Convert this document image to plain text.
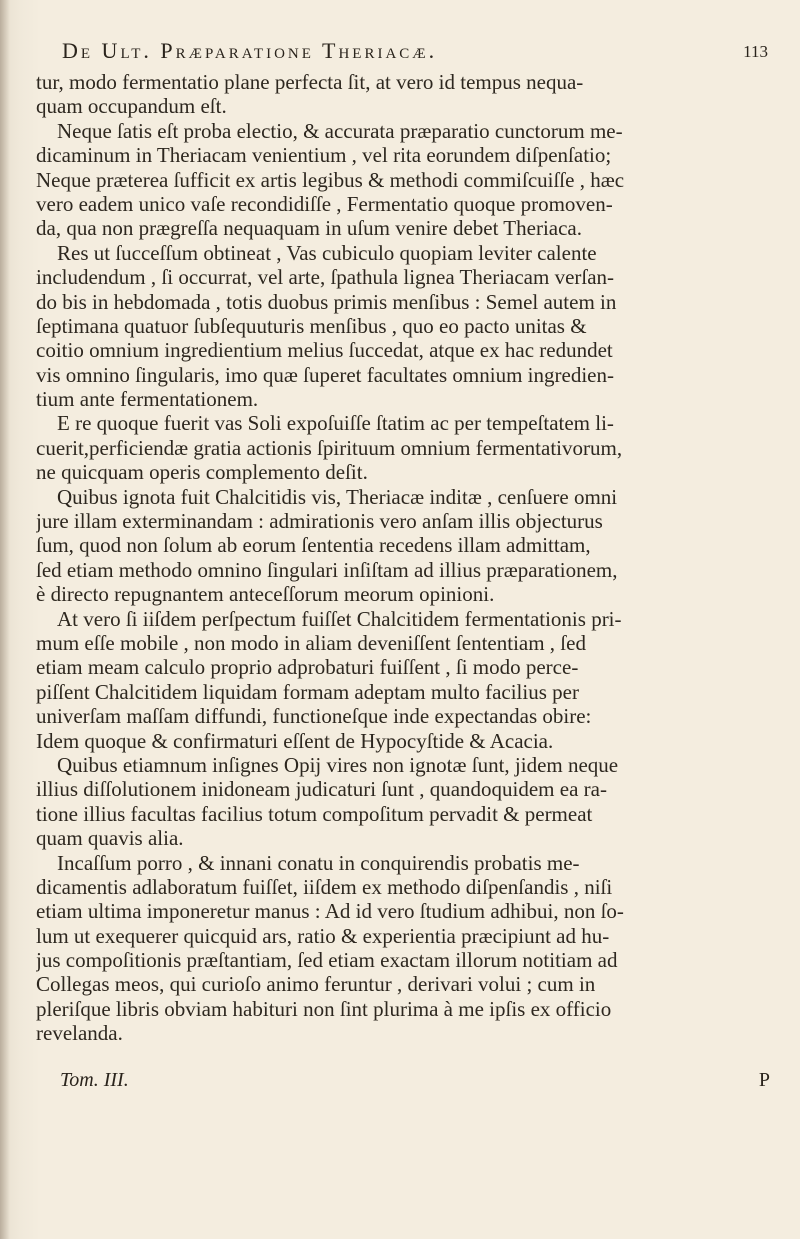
De Ult. Præparatione Theriacæ.	113
tur, modo fermentatio plane perfecta ſit, at vero id tempus nequa-
quam occupandum eſt.
Neque ſatis eſt proba electio, & accurata præparatio cunctorum me-
dicaminum in Theriacam venientium , vel rita eorundem diſpenſatio;
Neque præterea ſufficit ex artis legibus & methodi commiſcuiſſe , hæc
vero eadem unico vaſe recondidiſſe , Fermentatio quoque promoven-
da, qua non prægreſſa nequaquam in uſum venire debet Theriaca.
Res ut ſucceſſum obtineat , Vas cubiculo quopiam leviter calente
includendum , ſi occurrat, vel arte, ſpathula lignea Theriacam verſan-
do bis in hebdomada , totis duobus primis menſibus : Semel autem in
ſeptimana quatuor ſubſequuturis menſibus , quo eo pacto unitas &
coitio omnium ingredientium melius ſuccedat, atque ex hac redundet
vis omnino ſingularis, imo quæ ſuperet facultates omnium ingredien-
tium ante fermentationem.
E re quoque fuerit vas Soli expoſuiſſe ſtatim ac per tempeſtatem li-
cuerit,perficiendæ gratia actionis ſpirituum omnium fermentativorum,
ne quicquam operis complemento deſit.
Quibus ignota fuit Chalcitidis vis, Theriacæ inditæ , cenſuere omni
jure illam exterminandam : admirationis vero anſam illis objecturus
ſum, quod non ſolum ab eorum ſententia recedens illam admittam,
ſed etiam methodo omnino ſingulari inſiſtam ad illius præparationem,
è directo repugnantem anteceſſorum meorum opinioni.
At vero ſi iiſdem perſpectum fuiſſet Chalcitidem fermentationis pri-
mum eſſe mobile , non modo in aliam deveniſſent ſententiam , ſed
etiam meam calculo proprio adprobaturi fuiſſent , ſi modo perce-
piſſent Chalcitidem liquidam formam adeptam multo facilius per
univerſam maſſam diffundi, functioneſque inde expectandas obire:
Idem quoque & confirmaturi eſſent de Hypocyſtide & Acacia.
Quibus etiamnum inſignes Opij vires non ignotæ ſunt, jidem neque
illius diſſolutionem inidoneam judicaturi ſunt , quandoquidem ea ra-
tione illius facultas facilius totum compoſitum pervadit & permeat
quam quavis alia.
Incaſſum porro , & innani conatu in conquirendis probatis me-
dicamentis adlaboratum fuiſſet, iiſdem ex methodo diſpenſandis , niſi
etiam ultima imponeretur manus : Ad id vero ſtudium adhibui, non ſo-
lum ut exequerer quicquid ars, ratio & experientia præcipiunt ad hu-
jus compoſitionis præſtantiam, ſed etiam exactam illorum notitiam ad
Collegas meos, qui curioſo animo feruntur , derivari volui ; cum in
pleriſque libris obviam habituri non ſint plurima à me ipſis ex officio
revelanda.
Tom. III.	P
